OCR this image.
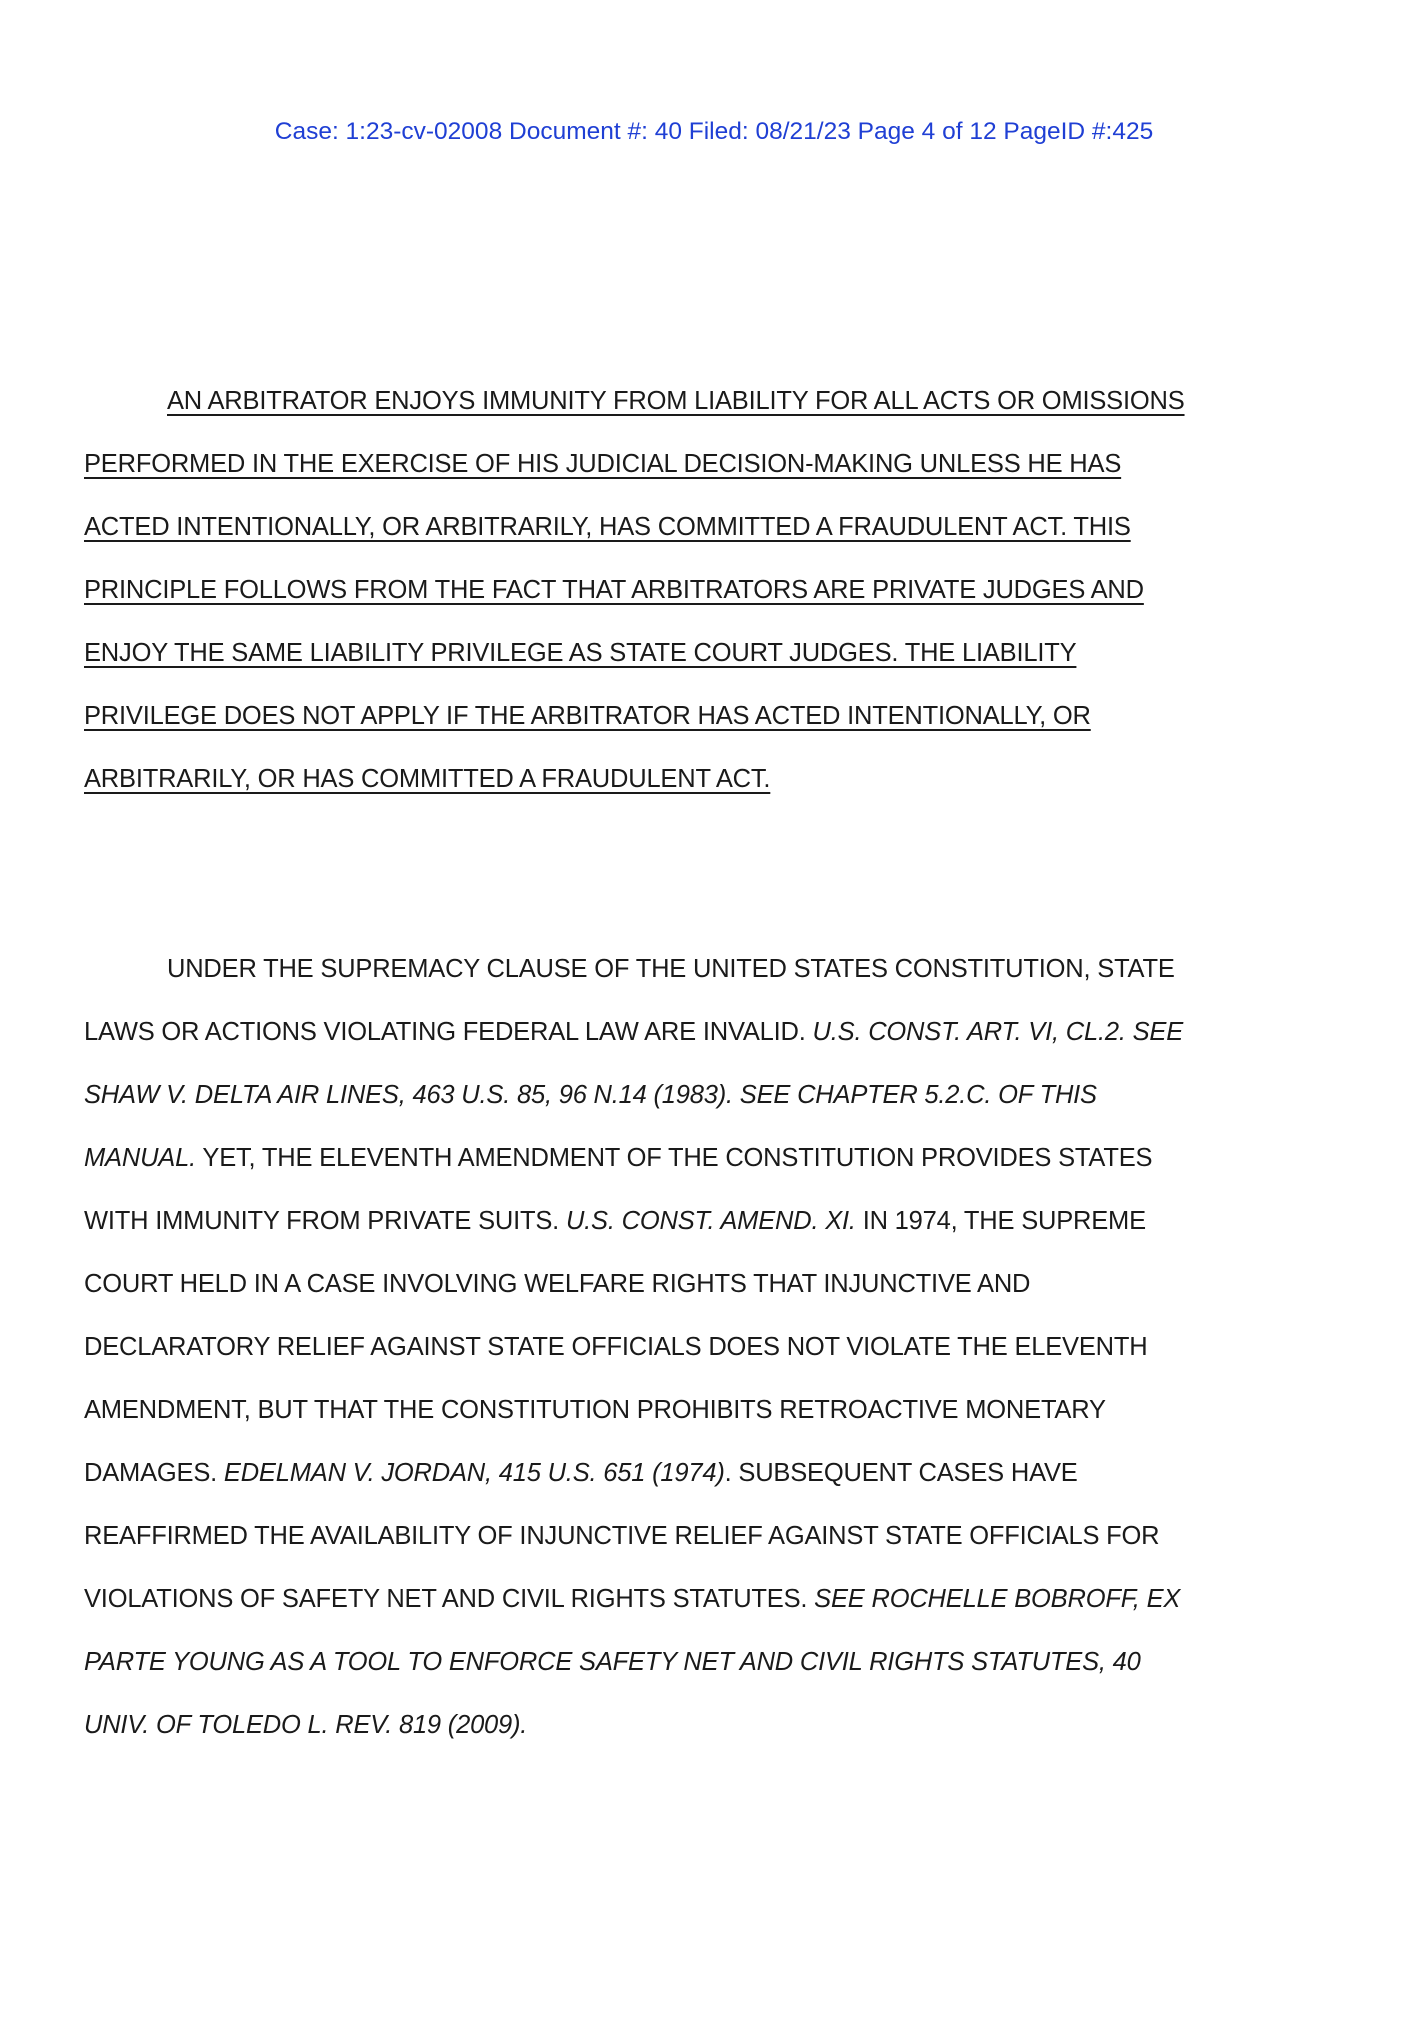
Case: 1:23-cv-02008 Document #: 40 Filed: 08/21/23 Page 4 of 12 PageID #:425
AN ARBITRATOR ENJOYS IMMUNITY FROM LIABILITY FOR ALL ACTS OR OMISSIONS
PERFORMED IN THE EXERCISE OF HIS JUDICIAL DECISION-MAKING UNLESS HE HAS
ACTED INTENTIONALLY, OR ARBITRARILY, HAS COMMITTED A FRAUDULENT ACT. THIS
PRINCIPLE FOLLOWS FROM THE FACT THAT ARBITRATORS ARE PRIVATE JUDGES AND
ENJOY THE SAME LIABILITY PRIVILEGE AS STATE COURT JUDGES. THE LIABILITY
PRIVILEGE DOES NOT APPLY IF THE ARBITRATOR HAS ACTED INTENTIONALLY, OR
ARBITRARILY, OR HAS COMMITTED A FRAUDULENT ACT.
UNDER THE SUPREMACY CLAUSE OF THE UNITED STATES CONSTITUTION, STATE
LAWS OR ACTIONS VIOLATING FEDERAL LAW ARE INVALID. U.S. CONST. ART. VI, CL.2. SEE
SHAW V. DELTA AIR LINES, 463 U.S. 85, 96 N.14 (1983). SEE CHAPTER 5.2.C. OF THIS
MANUAL. YET, THE ELEVENTH AMENDMENT OF THE CONSTITUTION PROVIDES STATES
WITH IMMUNITY FROM PRIVATE SUITS. U.S. CONST. AMEND. XI. IN 1974, THE SUPREME
COURT HELD IN A CASE INVOLVING WELFARE RIGHTS THAT INJUNCTIVE AND
DECLARATORY RELIEF AGAINST STATE OFFICIALS DOES NOT VIOLATE THE ELEVENTH
AMENDMENT, BUT THAT THE CONSTITUTION PROHIBITS RETROACTIVE MONETARY
DAMAGES. EDELMAN V. JORDAN, 415 U.S. 651 (1974). SUBSEQUENT CASES HAVE
REAFFIRMED THE AVAILABILITY OF INJUNCTIVE RELIEF AGAINST STATE OFFICIALS FOR
VIOLATIONS OF SAFETY NET AND CIVIL RIGHTS STATUTES. SEE ROCHELLE BOBROFF, EX
PARTE YOUNG AS A TOOL TO ENFORCE SAFETY NET AND CIVIL RIGHTS STATUTES, 40
UNIV. OF TOLEDO L. REV. 819 (2009).
